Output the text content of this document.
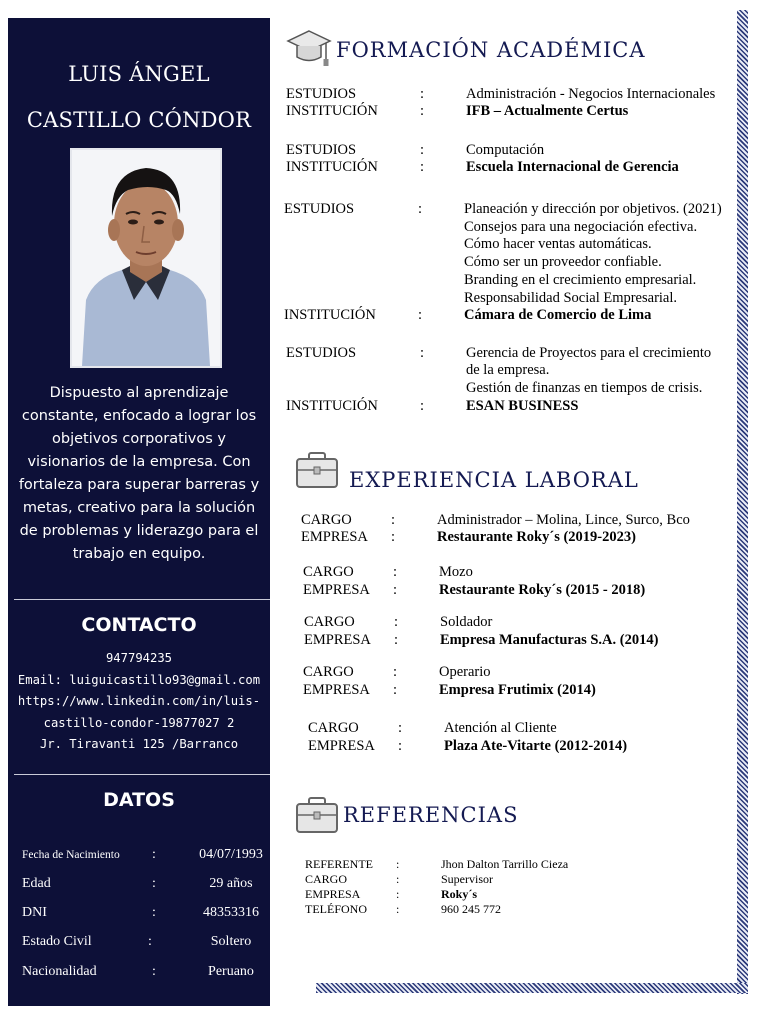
LUIS ÁNGEL
CASTILLO CÓNDOR
Dispuesto al aprendizaje constante, enfocado a lograr los objetivos corporativos y visionarios de la empresa. Con fortaleza para superar barreras y metas, creativo para la solución de problemas y liderazgo para el trabajo en equipo.
CONTACTO
947794235
Email: luiguicastillo93@gmail.com
https://www.linkedin.com/in/luis-
castillo-condor-19877027 2
Jr. Tiravanti 125 /Barranco
DATOS
Fecha de Nacimiento :	04/07/1993
Edad	:	29 años
DNI	:	48353316
Estado Civil	:	Soltero
Nacionalidad	:	Peruano
FORMACIÓN ACADÉMICA
ESTUDIOS	:	Administración - Negocios Internacionales
INSTITUCIÓN	:	IFB – Actualmente Certus
ESTUDIOS	:	Computación
INSTITUCIÓN	:	Escuela Internacional de Gerencia
ESTUDIOS	:	Planeación y dirección por objetivos. (2021)
Consejos para una negociación efectiva.
Cómo hacer ventas automáticas.
Cómo ser un proveedor confiable.
Branding en el crecimiento empresarial.
Responsabilidad Social Empresarial.
INSTITUCIÓN	:	Cámara de Comercio de Lima
ESTUDIOS	:	Gerencia de Proyectos para el crecimiento
de la empresa.
Gestión de finanzas en tiempos de crisis.
INSTITUCIÓN	:	ESAN BUSINESS
EXPERIENCIA LABORAL
CARGO	:	Administrador – Molina, Lince, Surco, Bco
EMPRESA :	Restaurante Roky´s (2019-2023)
CARGO	:	Mozo
EMPRESA :	Restaurante Roky´s (2015 - 2018)
CARGO	:	Soldador
EMPRESA :	Empresa Manufacturas S.A. (2014)
CARGO	:	Operario
EMPRESA :	Empresa Frutimix (2014)
CARGO	:	Atención al Cliente
EMPRESA :	Plaza Ate-Vitarte (2012-2014)
REFERENCIAS
REFERENTE :	Jhon Dalton Tarrillo Cieza
CARGO	:	Supervisor
EMPRESA	:	Roky´s
TELÉFONO :	960 245 772
